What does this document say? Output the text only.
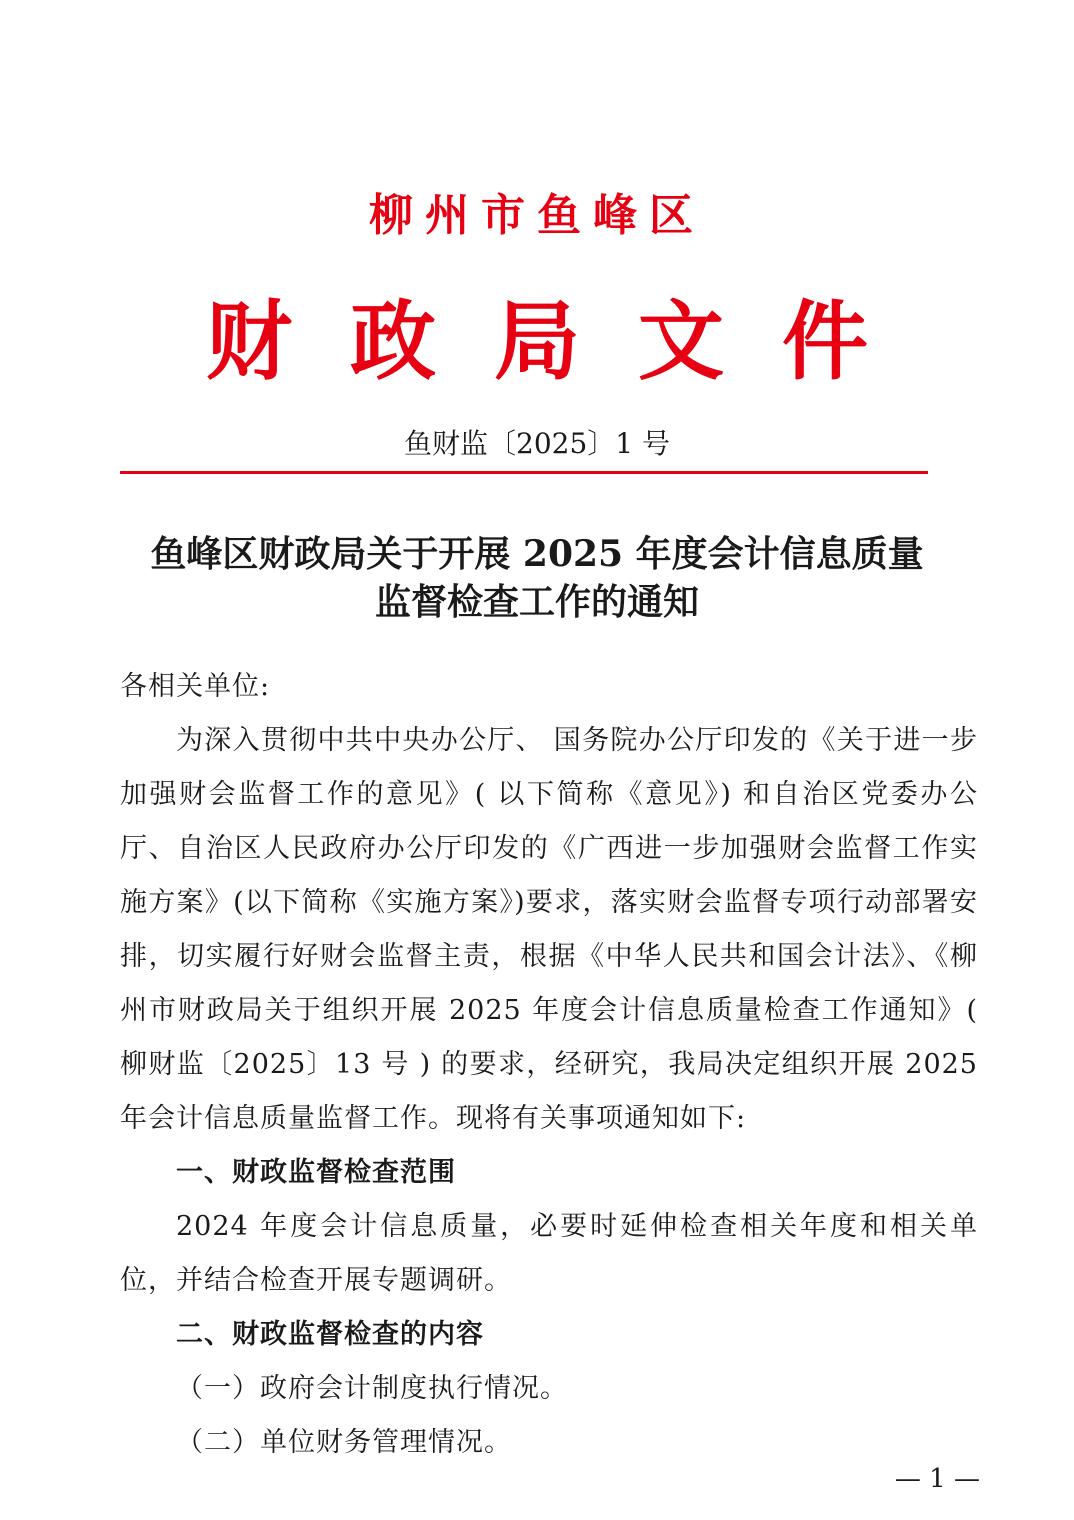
柳州市鱼峰区
财政局文件
鱼财监〔2025〕1 号
鱼峰区财政局关于开展 2025 年度会计信息质量
监督检查工作的通知

各相关单位:

为深入贯彻中共中央办公厅、 国务院办公厅印发的《关于进一步加强财会监督工作的意见》( 以下简称《意见》) 和自治区党委办公厅、自治区人民政府办公厅印发的《广西进一步加强财会监督工作实施方案》(以下简称《实施方案》)要求，落实财会监督专项行动部署安排，切实履行好财会监督主责，根据《中华人民共和国会计法》、《柳州市财政局关于组织开展 2025 年度会计信息质量检查工作通知》( 柳财监〔2025〕13 号 ) 的要求，经研究，我局决定组织开展 2025 年会计信息质量监督工作。现将有关事项通知如下:

一、财政监督检查范围

2024 年度会计信息质量，必要时延伸检查相关年度和相关单位，并结合检查开展专题调研。

二、财政监督检查的内容

（一）政府会计制度执行情况。

（二）单位财务管理情况。

— 1 —
